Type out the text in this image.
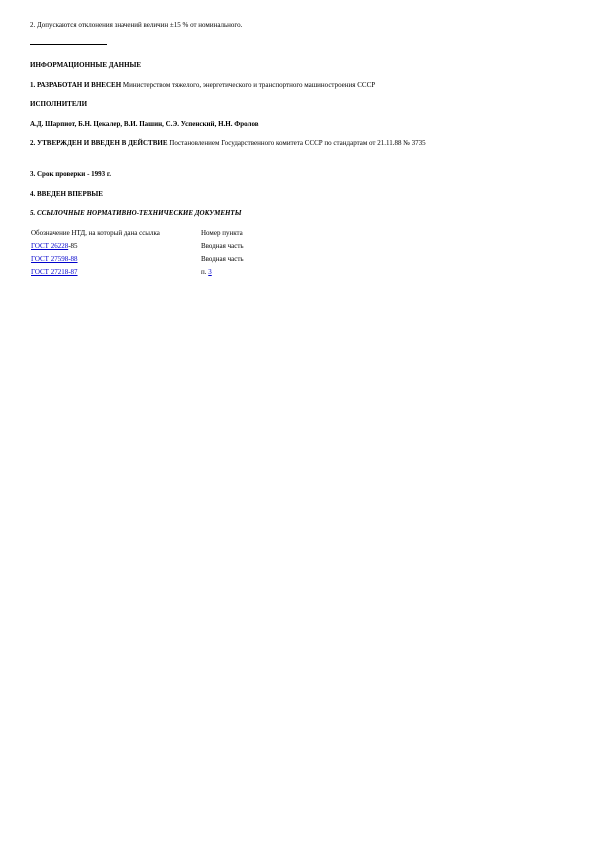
2. Допускаются отклонения значений величин ±15 % от номинального.
ИНФОРМАЦИОННЫЕ ДАННЫЕ
1. РАЗРАБОТАН И ВНЕСЕН Министерством тяжелого, энергетического и транспортного машиностроения СССР
ИСПОЛНИТЕЛИ
А.Д. Шарпиот, Б.Н. Цекалер, В.И. Пашин, С.Э. Успенский, Н.Н. Фролов
2. УТВЕРЖДЕН И ВВЕДЕН В ДЕЙСТВИЕ Постановлением Государственного комитета СССР по стандартам от 21.11.88 № 3735
3. Срок проверки - 1993 г.
4. ВВЕДЕН ВПЕРВЫЕ
5. ССЫЛОЧНЫЕ НОРМАТИВНО-ТЕХНИЧЕСКИЕ ДОКУМЕНТЫ
Обозначение НТД, на который дана ссылка	Номер пункта
ГОСТ 26228-85	Вводная часть
ГОСТ 27598-88	Вводная часть
ГОСТ 27218-87	п. 3
